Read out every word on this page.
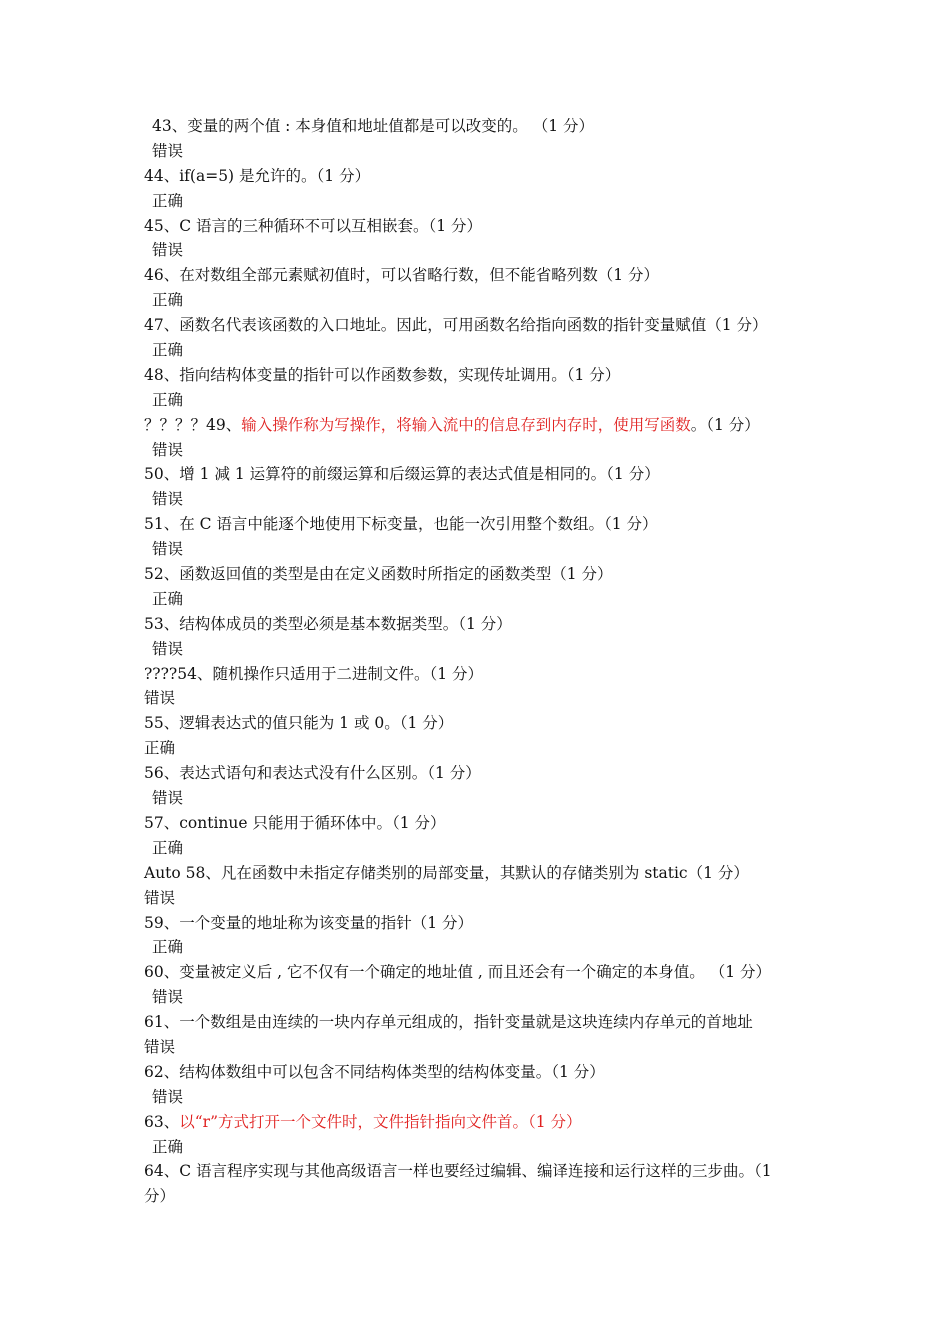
43、变量的两个值 : 本身值和地址值都是可以改变的。 （1 分）
错误
44、if(a=5) 是允许的。（1 分）
正确
45、C 语言的三种循环不可以互相嵌套。（1 分）
错误
46、在对数组全部元素赋初值时，可以省略行数，但不能省略列数（1 分）
正确
47、函数名代表该函数的入口地址。因此，可用函数名给指向函数的指针变量赋值（1 分）
正确
48、指向结构体变量的指针可以作函数参数，实现传址调用。（1 分）
正确
？？？？49、输入操作称为写操作，将输入流中的信息存到内存时，使用写函数。（1 分）
错误
50、增 1 减 1 运算符的前缀运算和后缀运算的表达式值是相同的。（1 分）
错误
51、在 C 语言中能逐个地使用下标变量，也能一次引用整个数组。（1 分）
错误
52、函数返回值的类型是由在定义函数时所指定的函数类型（1 分）
正确
53、结构体成员的类型必须是基本数据类型。（1 分）
错误
????54、随机操作只适用于二进制文件。（1 分）
错误
55、逻辑表达式的值只能为 1 或 0。（1 分）
正确
56、表达式语句和表达式没有什么区别。（1 分）
错误
57、continue 只能用于循环体中。（1 分）
正确
Auto 58、凡在函数中未指定存储类别的局部变量，其默认的存储类别为 static（1 分）
错误
59、一个变量的地址称为该变量的指针（1 分）
正确
60、变量被定义后 , 它不仅有一个确定的地址值 , 而且还会有一个确定的本身值。 （1 分）
错误
61、一个数组是由连续的一块内存单元组成的，指针变量就是这块连续内存单元的首地址
错误
62、结构体数组中可以包含不同结构体类型的结构体变量。（1 分）
错误
63、以“r”方式打开一个文件时，文件指针指向文件首。（1 分）
正确
64、C 语言程序实现与其他高级语言一样也要经过编辑、编译连接和运行这样的三步曲。（1
分）
